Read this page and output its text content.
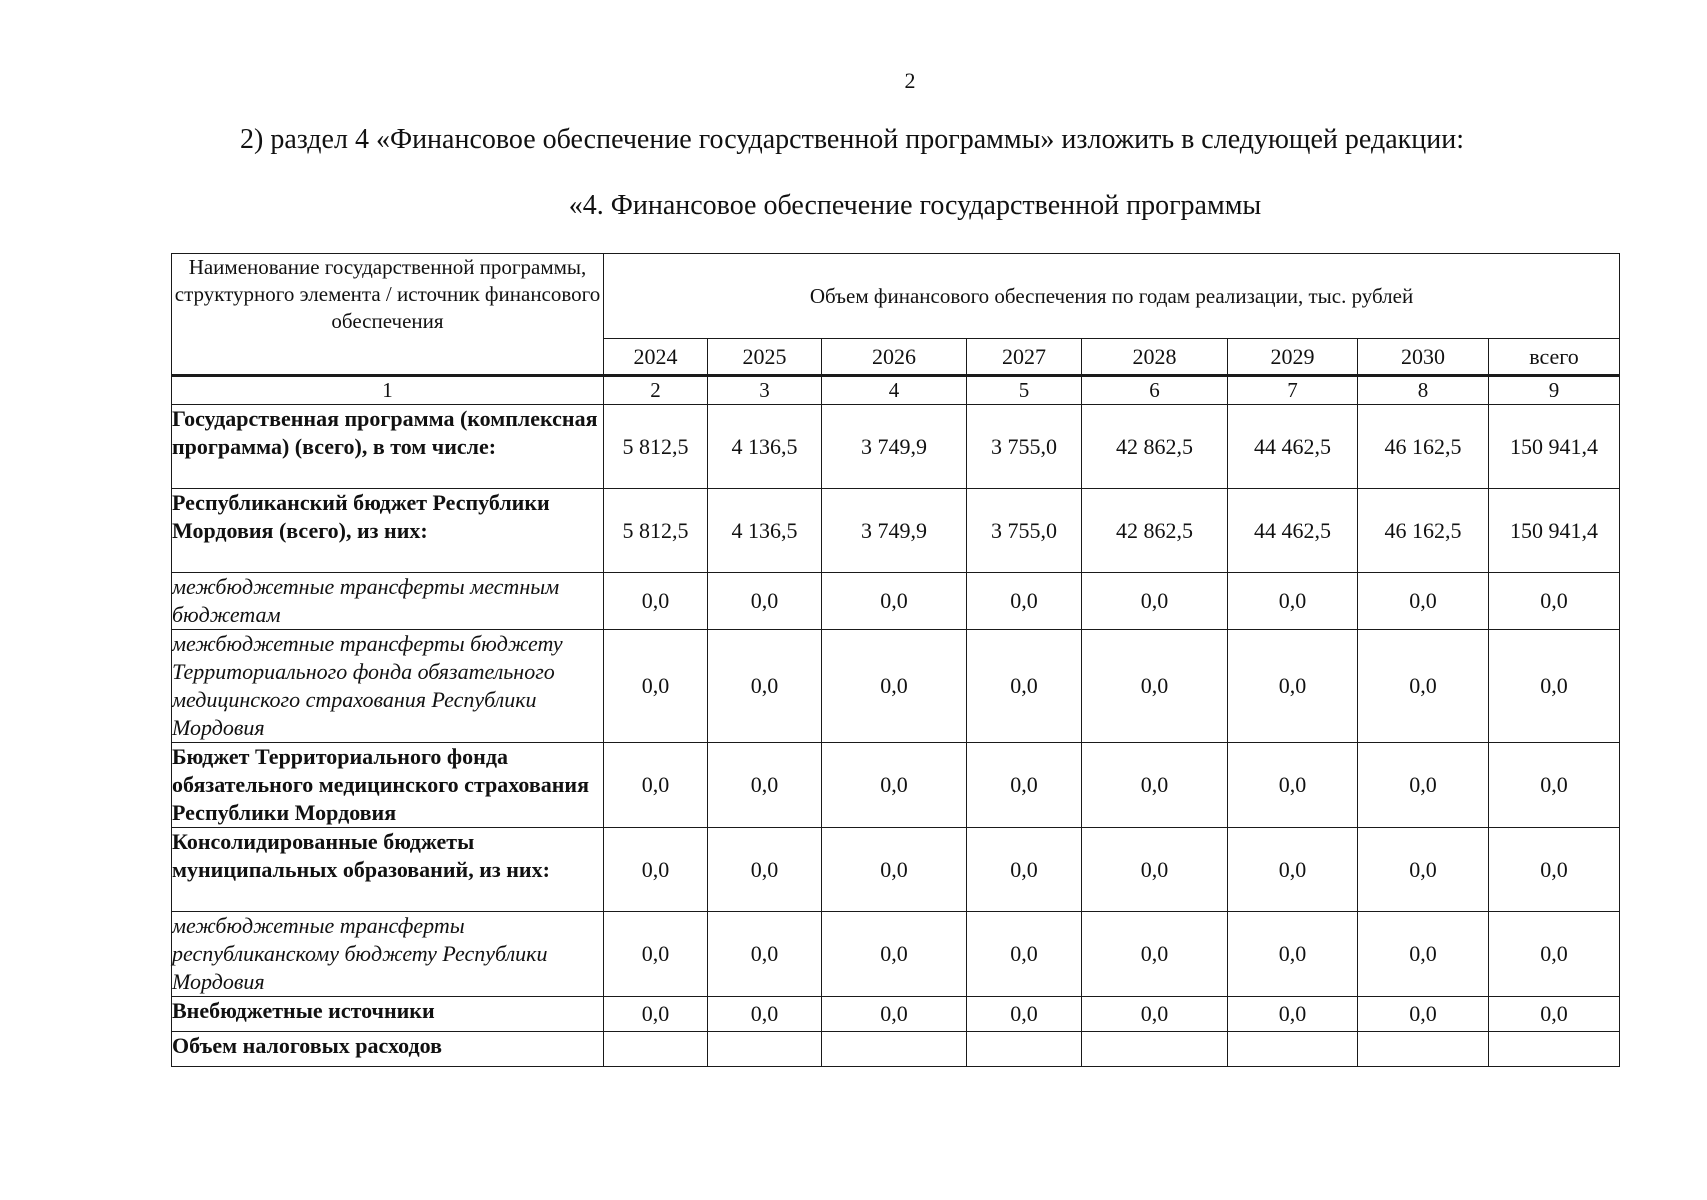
2
2) раздел 4 «Финансовое обеспечение государственной программы» изложить в следующей редакции:
«4. Финансовое обеспечение государственной программы
Наименование государственной программы, структурного элемента / источник финансового обеспечения	Объем финансового обеспечения по годам реализации, тыс. рублей							
	2024	2025	2026	2027	2028	2029	2030	всего
1	2	3	4	5	6	7	8	9
Государственная программа (комплексная программа) (всего), в том числе:	5 812,5	4 136,5	3 749,9	3 755,0	42 862,5	44 462,5	46 162,5	150 941,4
Республиканский бюджет Республики Мордовия (всего), из них:	5 812,5	4 136,5	3 749,9	3 755,0	42 862,5	44 462,5	46 162,5	150 941,4
межбюджетные трансферты местным бюджетам	0,0	0,0	0,0	0,0	0,0	0,0	0,0	0,0
межбюджетные трансферты бюджету Территориального фонда обязательного медицинского страхования Республики Мордовия	0,0	0,0	0,0	0,0	0,0	0,0	0,0	0,0
Бюджет Территориального фонда обязательного медицинского страхования Республики Мордовия	0,0	0,0	0,0	0,0	0,0	0,0	0,0	0,0
Консолидированные бюджеты муниципальных образований, из них:	0,0	0,0	0,0	0,0	0,0	0,0	0,0	0,0
межбюджетные трансферты республиканскому бюджету Республики Мордовия	0,0	0,0	0,0	0,0	0,0	0,0	0,0	0,0
Внебюджетные источники	0,0	0,0	0,0	0,0	0,0	0,0	0,0	0,0
Объем налоговых расходов								
